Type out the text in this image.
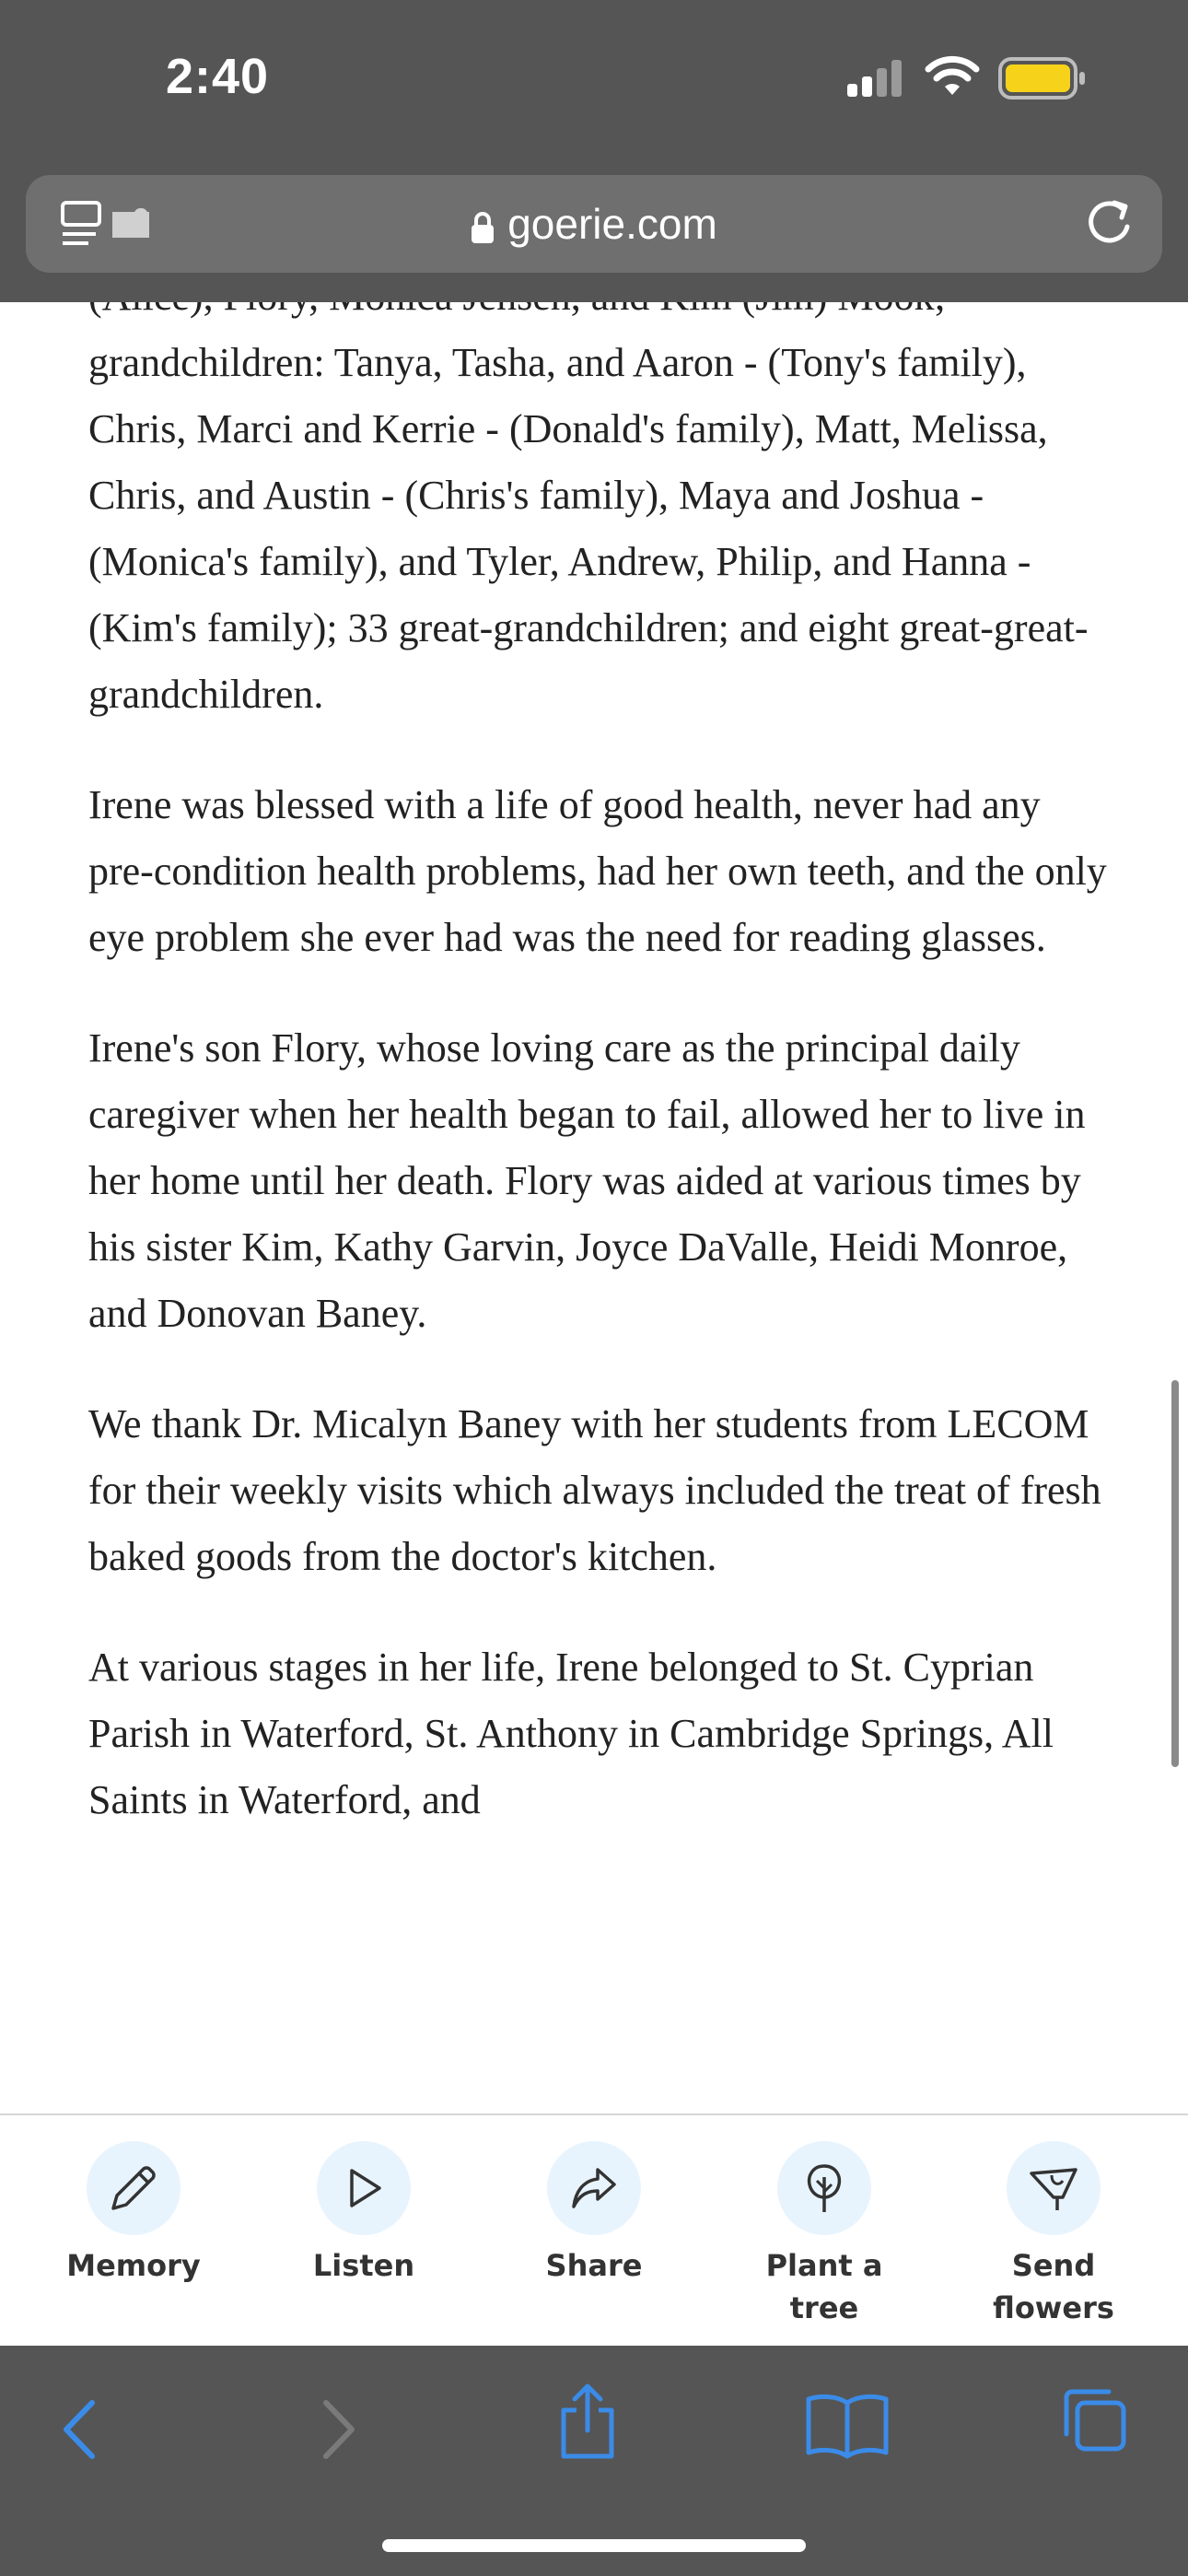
2:40
goerie.com

grandchildren: Tanya, Tasha, and Aaron - (Tony's family), Chris, Marci and Kerrie - (Donald's family), Matt, Melissa, Chris, and Austin - (Chris's family), Maya and Joshua - (Monica's family), and Tyler, Andrew, Philip, and Hanna - (Kim's family); 33 great-grandchildren; and eight great-great-grandchildren.

Irene was blessed with a life of good health, never had any pre-condition health problems, had her own teeth, and the only eye problem she ever had was the need for reading glasses.

Irene's son Flory, whose loving care as the principal daily caregiver when her health began to fail, allowed her to live in her home until her death. Flory was aided at various times by his sister Kim, Kathy Garvin, Joyce DaValle, Heidi Monroe, and Donovan Baney.

We thank Dr. Micalyn Baney with her students from LECOM for their weekly visits which always included the treat of fresh baked goods from the doctor's kitchen.

At various stages in her life, Irene belonged to St. Cyprian Parish in Waterford, St. Anthony in Cambridge Springs, All Saints in Waterford, and

Memory	Listen	Share	Plant a tree
Send flowers
